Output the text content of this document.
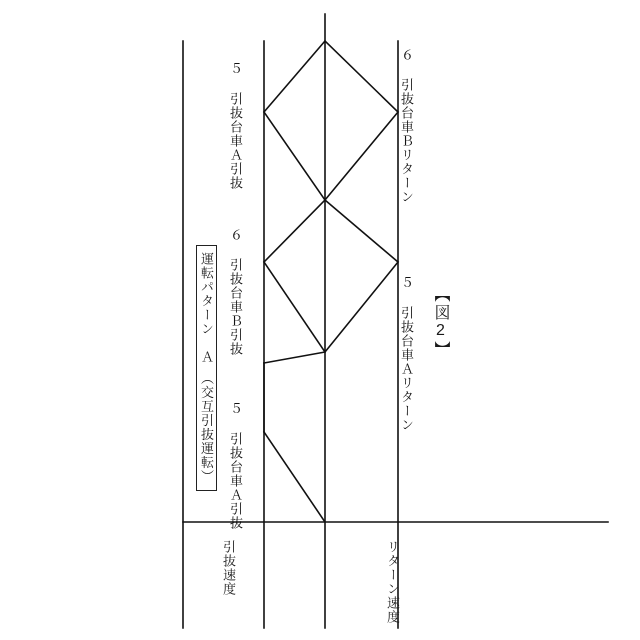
【図2】
運転パターン　Ａ　（交互引抜運転）
引抜速度	リターン速度
５ 引抜台車Ａ引抜
６ 引抜台車Ｂ引抜
５ 引抜台車Ａ引抜
５ 引抜台車Ａリターン
６ 引抜台車Ｂリターン
